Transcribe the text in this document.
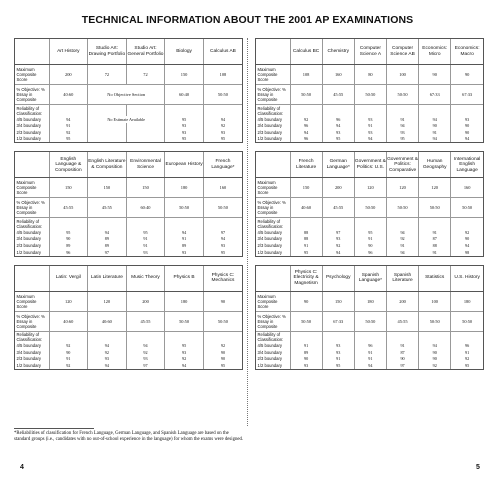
TECHNICAL INFORMATION ABOUT THE 2001 AP EXAMINATIONS
	Art History	Studio Art: Drawing Portfolio	Studio Art: General Portfolio	Biology	Calculus AB
Maximum Composite Score	200	72	72	150	108
% Objective: % Essay in Composite	40:60	No Objective Section		60:40	50:50
Reliability of Classification:					
4/5 boundary	94	No Estimate Available		95	94
3/4 boundary	91			93	92
2/3 boundary	92			93	93
1/2 boundary	95			95	95
	Calculus BC	Chemistry	Computer Science A	Computer Science AB	Economics: Micro	Economics: Macro
Maximum Composite Score	108	160	80	100	90	90
% Objective: % Essay in Composite	50:50	45:55	50:50	50:50	67:33	67:33
Reliability of Classification:						
4/5 boundary	92	96	93	91	94	93
3/4 boundary	96	94	91	94	90	90
2/3 boundary	94	93	93	93	91	90
1/2 boundary	96	95	94	95	94	94
	English Language & Composition	English Literature & Composition	Environmental Science	European History	French Language*
Maximum Composite Score	150	150	150	180	160
% Objective: % Essay in Composite	45:55	45:55	60:40	50:50	50:50
Reliability of Classification:					
4/5 boundary	95	94	95	94	97
3/4 boundary	90	89	91	91	94
2/3 boundary	89	89	91	89	93
1/2 boundary	96	97	93	93	95
	French Literature	German Language*	Government & Politics: U.S.	Government & Politics: Comparative	Human Geography	International English Language
Maximum Composite Score	150	200	120	120	120	160
% Objective: % Essay in Composite	40:60	45:55	50:50	50:50	50:50	50:50
Reliability of Classification:						
4/5 boundary	88	97	95	94	91	92
3/4 boundary	88	93	91	92	87	90
2/3 boundary	91	92	90	91	88	94
1/2 boundary	95	94	96	94	91	98
	Latin: Vergil	Latin Literature	Music Theory	Physics B	Physics C: Mechanics
Maximum Composite Score	120	120	200	180	90
% Objective: % Essay in Composite	40:60	40:60	45:55	50:50	50:50
Reliability of Classification:					
4/5 boundary	92	94	94	95	92
3/4 boundary	90	92	92	93	90
2/3 boundary	91	93	93	92	90
1/2 boundary	92	94	97	94	95
	Physics C: Electricity & Magnetism	Psychology	Spanish Language*	Spanish Literature	Statistics	U.S. History
Maximum Composite Score	90	150	180	200	100	180
% Objective: % Essay in Composite	50:50	67:33	50:50	45:55	50:50	50:50
Reliability of Classification:						
4/5 boundary	91	93	96	91	94	96
3/4 boundary	89	93	91	87	90	91
2/3 boundary	90	91	91	90	90	92
1/2 boundary	93	95	94	97	92	95
*Reliabilities of classification for French Language, German Language, and Spanish Language are based on the standard groups (i.e., candidates with no out-of-school experience in the language) for whom the exams were designed.
4	5
